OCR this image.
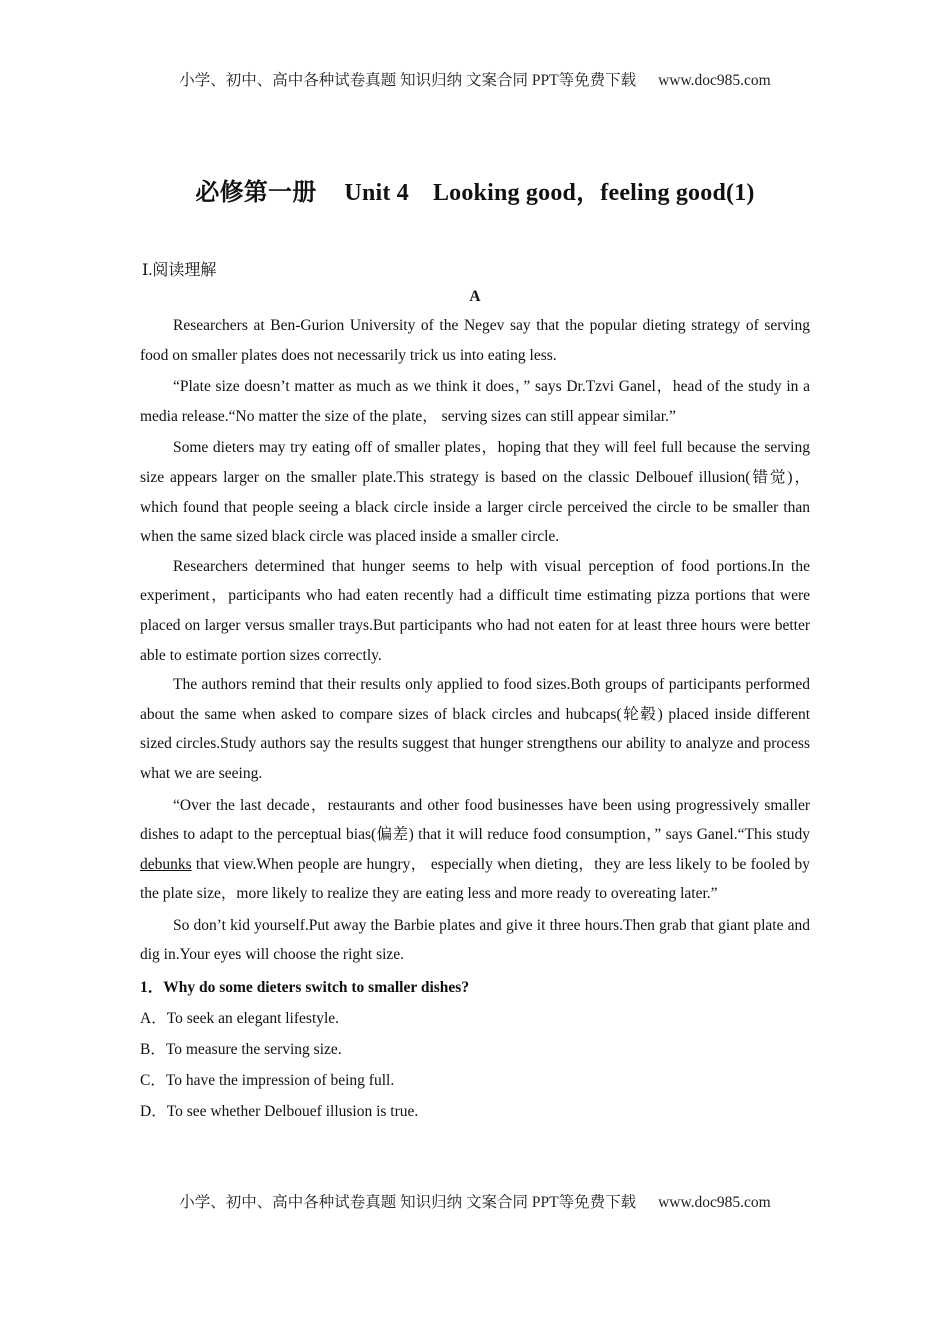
小学、初中、高中各种试卷真题 知识归纳 文案合同 PPT等免费下载 www.doc985.com
必修第一册 Unit 4 Looking good，feeling good(1)
Ⅰ.阅读理解
A

Researchers at Ben-Gurion University of the Negev say that the popular dieting strategy of serving food on smaller plates does not necessarily trick us into eating less.

“Plate size doesn’t matter as much as we think it does，” says Dr.Tzvi Ganel，head of the study in a media release.“No matter the size of the plate， serving sizes can still appear similar.”

Some dieters may try eating off of smaller plates，hoping that they will feel full because the serving size appears larger on the smaller plate.This strategy is based on the classic Delbouef illusion(错觉)，which found that people seeing a black circle inside a larger circle perceived the circle to be smaller than when the same sized black circle was placed inside a smaller circle.

Researchers determined that hunger seems to help with visual perception of food portions.In the experiment，participants who had eaten recently had a difficult time estimating pizza portions that were placed on larger versus smaller trays.But participants who had not eaten for at least three hours were better able to estimate portion sizes correctly.

The authors remind that their results only applied to food sizes.Both groups of participants performed about the same when asked to compare sizes of black circles and hubcaps(轮毂) placed inside different sized circles.Study authors say the results suggest that hunger strengthens our ability to analyze and process what we are seeing.

“Over the last decade，restaurants and other food businesses have been using progressively smaller dishes to adapt to the perceptual bias(偏差) that it will reduce food consumption，” says Ganel.“This study debunks that view.When people are hungry， especially when dieting，they are less likely to be fooled by the plate size，more likely to realize they are eating less and more ready to overeating later.”

So don’t kid yourself.Put away the Barbie plates and give it three hours.Then grab that giant plate and dig in.Your eyes will choose the right size.

1．Why do some dieters switch to smaller dishes?
A．To seek an elegant lifestyle.
B．To measure the serving size.
C．To have the impression of being full.
D．To see whether Delbouef illusion is true.
小学、初中、高中各种试卷真题 知识归纳 文案合同 PPT等免费下载 www.doc985.com
